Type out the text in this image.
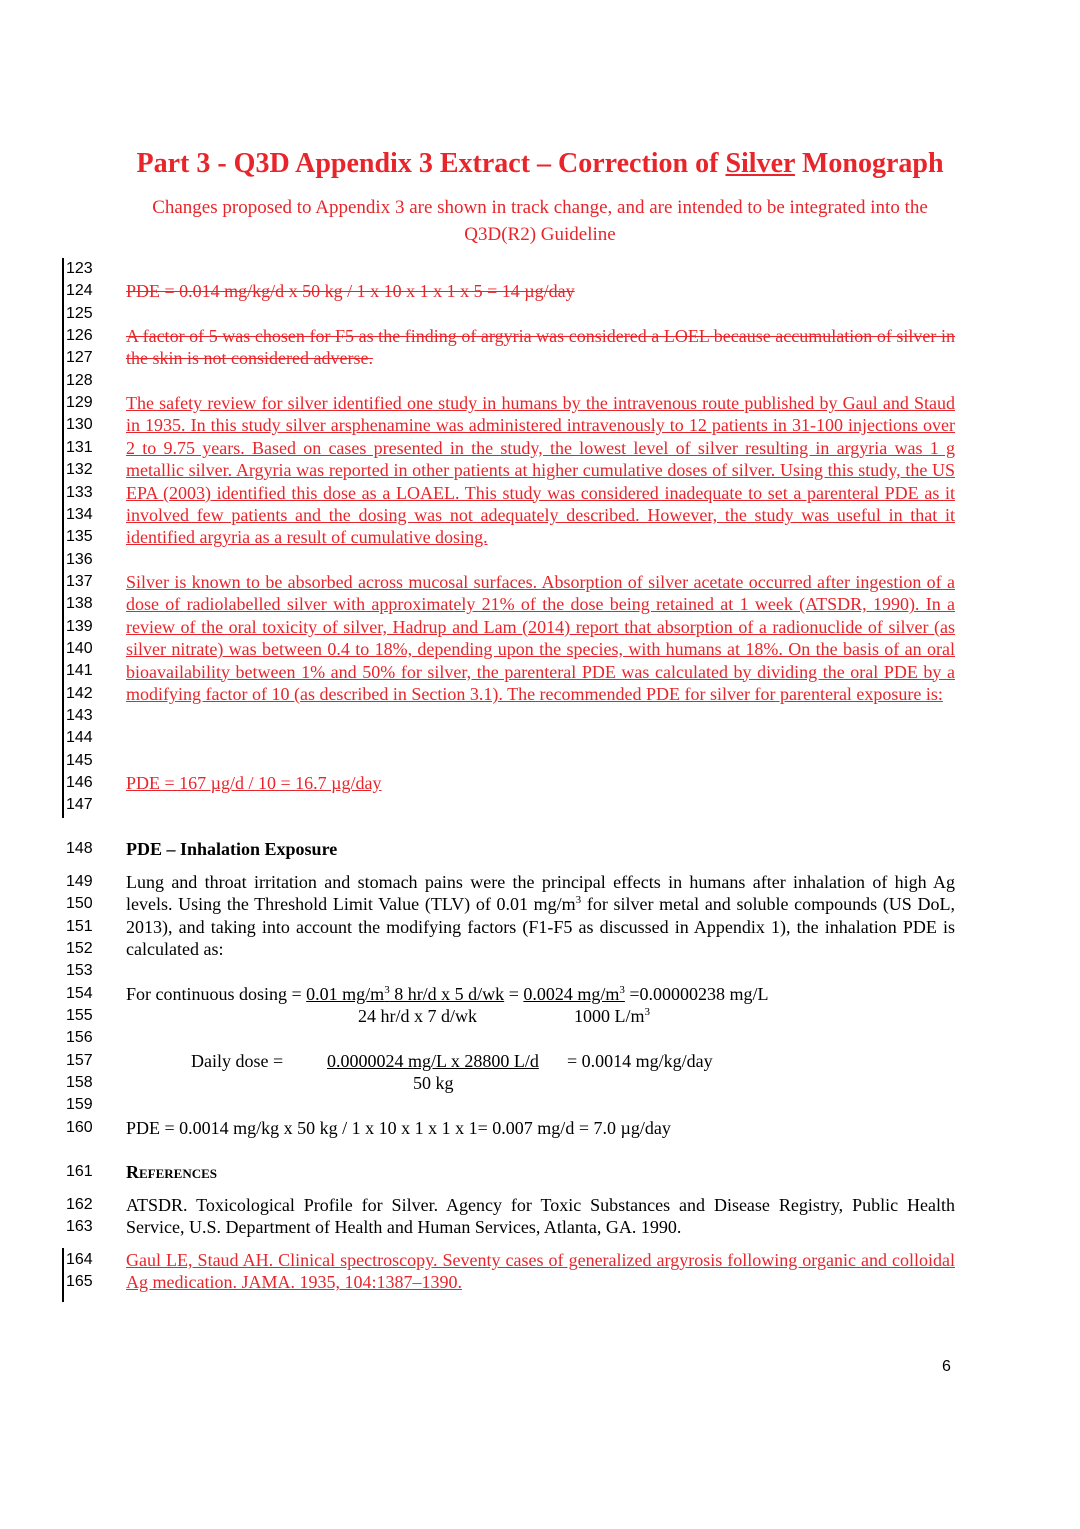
Part 3 - Q3D Appendix 3 Extract – Correction of Silver Monograph
Changes proposed to Appendix 3 are shown in track change, and are intended to be integrated into the Q3D(R2) Guideline
123
124
125
126
127
128
129
130
131
132
133
134
135
136
137
138
139
140
141
142
143
144
145
146
147
148
149
150
151
152
153
154
155
156
157
158
159
160
161
162
163
164
165
PDE = 0.014 mg/kg/d x 50 kg / 1 x 10 x 1 x 1 x 5 = 14 µg/day
A factor of 5 was chosen for F5 as the finding of argyria was considered a LOEL because accumulation of silver in the skin is not considered adverse.
The safety review for silver identified one study in humans by the intravenous route published by Gaul and Staud in 1935. In this study silver arsphenamine was administered intravenously to 12 patients in 31-100 injections over 2 to 9.75 years. Based on cases presented in the study, the lowest level of silver resulting in argyria was 1 g metallic silver. Argyria was reported in other patients at higher cumulative doses of silver. Using this study, the US EPA (2003) identified this dose as a LOAEL. This study was considered inadequate to set a parenteral PDE as it involved few patients and the dosing was not adequately described. However, the study was useful in that it identified argyria as a result of cumulative dosing.
Silver is known to be absorbed across mucosal surfaces. Absorption of silver acetate occurred after ingestion of a dose of radiolabelled silver with approximately 21% of the dose being retained at 1 week (ATSDR, 1990). In a review of the oral toxicity of silver, Hadrup and Lam (2014) report that absorption of a radionuclide of silver (as silver nitrate) was between 0.4 to 18%, depending upon the species, with humans at 18%. On the basis of an oral bioavailability between 1% and 50% for silver, the parenteral PDE was calculated by dividing the oral PDE by a modifying factor of 10 (as described in Section 3.1). The recommended PDE for silver for parenteral exposure is:
PDE = 167 µg/d / 10 = 16.7 µg/day
PDE – Inhalation Exposure
Lung and throat irritation and stomach pains were the principal effects in humans after inhalation of high Ag levels. Using the Threshold Limit Value (TLV) of 0.01 $mg/m^3$ for silver metal and soluble compounds (US DoL, 2013), and taking into account the modifying factors (F1-F5 as discussed in Appendix 1), the inhalation PDE is calculated as:
For continuous dosing = 0.01 $mg/m^3$ 8 hr/d x 5 d/wk = 0.0024 $mg/m^3 =0.00000238$ mg/L
24 hr/d x 7 d/wk	1000 $L/m^3$
Daily dose = 0.0000024 mg/L x 28800 L/d = 0.0014 mg/kg/day
50 kg
PDE = 0.0014 mg/kg x 50 kg / 1 x 10 x 1 x 1 x 1= 0.007 mg/d = 7.0 µg/day
References
ATSDR. Toxicological Profile for Silver. Agency for Toxic Substances and Disease Registry, Public Health Service, U.S. Department of Health and Human Services, Atlanta, GA. 1990.
Gaul LE, Staud AH. Clinical spectroscopy. Seventy cases of generalized argyrosis following organic and colloidal Ag medication. JAMA. 1935, 104:1387–1390.
6
